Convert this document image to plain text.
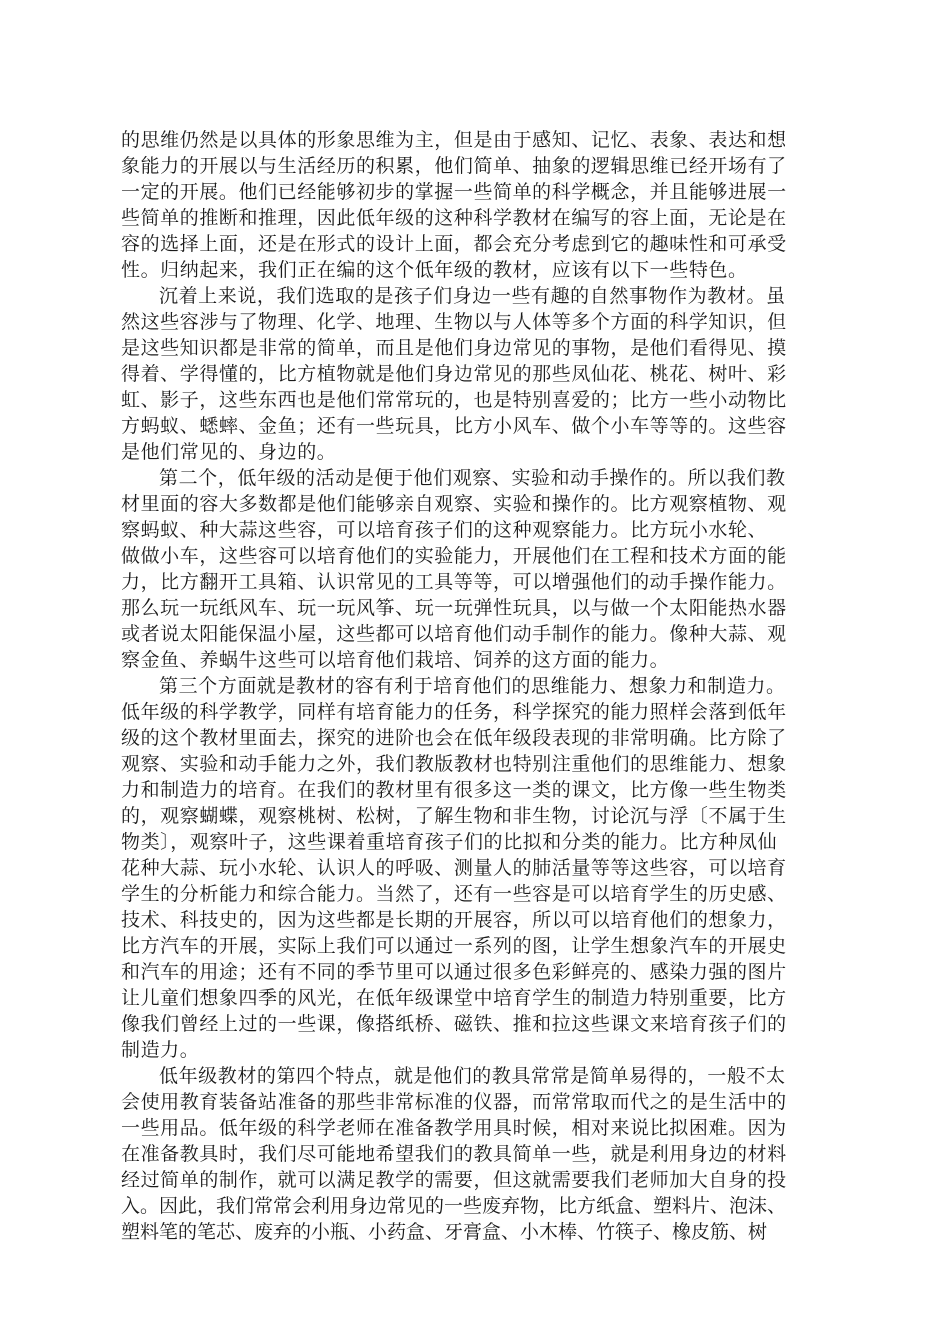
的思维仍然是以具体的形象思维为主，但是由于感知、记忆、表象、表达和想
象能力的开展以与生活经历的积累，他们简单、抽象的逻辑思维已经开场有了
一定的开展。他们已经能够初步的掌握一些简单的科学概念，并且能够进展一
些简单的推断和推理，因此低年级的这种科学教材在编写的容上面，无论是在
容的选择上面，还是在形式的设计上面，都会充分考虑到它的趣味性和可承受
性。归纳起来，我们正在编的这个低年级的教材，应该有以下一些特色。
沉着上来说，我们选取的是孩子们身边一些有趣的自然事物作为教材。虽
然这些容涉与了物理、化学、地理、生物以与人体等多个方面的科学知识，但
是这些知识都是非常的简单，而且是他们身边常见的事物，是他们看得见、摸
得着、学得懂的，比方植物就是他们身边常见的那些凤仙花、桃花、树叶、彩
虹、影子，这些东西也是他们常常玩的，也是特别喜爱的；比方一些小动物比
方蚂蚁、蟋蟀、金鱼；还有一些玩具，比方小风车、做个小车等等的。这些容
是他们常见的、身边的。
第二个，低年级的活动是便于他们观察、实验和动手操作的。所以我们教
材里面的容大多数都是他们能够亲自观察、实验和操作的。比方观察植物、观
察蚂蚁、种大蒜这些容，可以培育孩子们的这种观察能力。比方玩小水轮、
做做小车，这些容可以培育他们的实验能力，开展他们在工程和技术方面的能
力，比方翻开工具箱、认识常见的工具等等，可以增强他们的动手操作能力。
那么玩一玩纸风车、玩一玩风筝、玩一玩弹性玩具，以与做一个太阳能热水器
或者说太阳能保温小屋，这些都可以培育他们动手制作的能力。像种大蒜、观
察金鱼、养蜗牛这些可以培育他们栽培、饲养的这方面的能力。
第三个方面就是教材的容有利于培育他们的思维能力、想象力和制造力。
低年级的科学教学，同样有培育能力的任务，科学探究的能力照样会落到低年
级的这个教材里面去，探究的进阶也会在低年级段表现的非常明确。比方除了
观察、实验和动手能力之外，我们教版教材也特别注重他们的思维能力、想象
力和制造力的培育。在我们的教材里有很多这一类的课文，比方像一些生物类
的，观察蝴蝶，观察桃树、松树，了解生物和非生物，讨论沉与浮〔不属于生
物类〕，观察叶子，这些课着重培育孩子们的比拟和分类的能力。比方种凤仙
花种大蒜、玩小水轮、认识人的呼吸、测量人的肺活量等等这些容，可以培育
学生的分析能力和综合能力。当然了，还有一些容是可以培育学生的历史感、
技术、科技史的，因为这些都是长期的开展容，所以可以培育他们的想象力，
比方汽车的开展，实际上我们可以通过一系列的图，让学生想象汽车的开展史
和汽车的用途；还有不同的季节里可以通过很多色彩鲜亮的、感染力强的图片
让儿童们想象四季的风光，在低年级课堂中培育学生的制造力特别重要，比方
像我们曾经上过的一些课，像搭纸桥、磁铁、推和拉这些课文来培育孩子们的
制造力。
低年级教材的第四个特点，就是他们的教具常常是简单易得的，一般不太
会使用教育装备站准备的那些非常标准的仪器，而常常取而代之的是生活中的
一些用品。低年级的科学老师在准备教学用具时候，相对来说比拟困难。因为
在准备教具时，我们尽可能地希望我们的教具简单一些，就是利用身边的材料
经过简单的制作，就可以满足教学的需要，但这就需要我们老师加大自身的投
入。因此，我们常常会利用身边常见的一些废弃物，比方纸盒、塑料片、泡沫、
塑料笔的笔芯、废弃的小瓶、小药盒、牙膏盒、小木棒、竹筷子、橡皮筋、树
